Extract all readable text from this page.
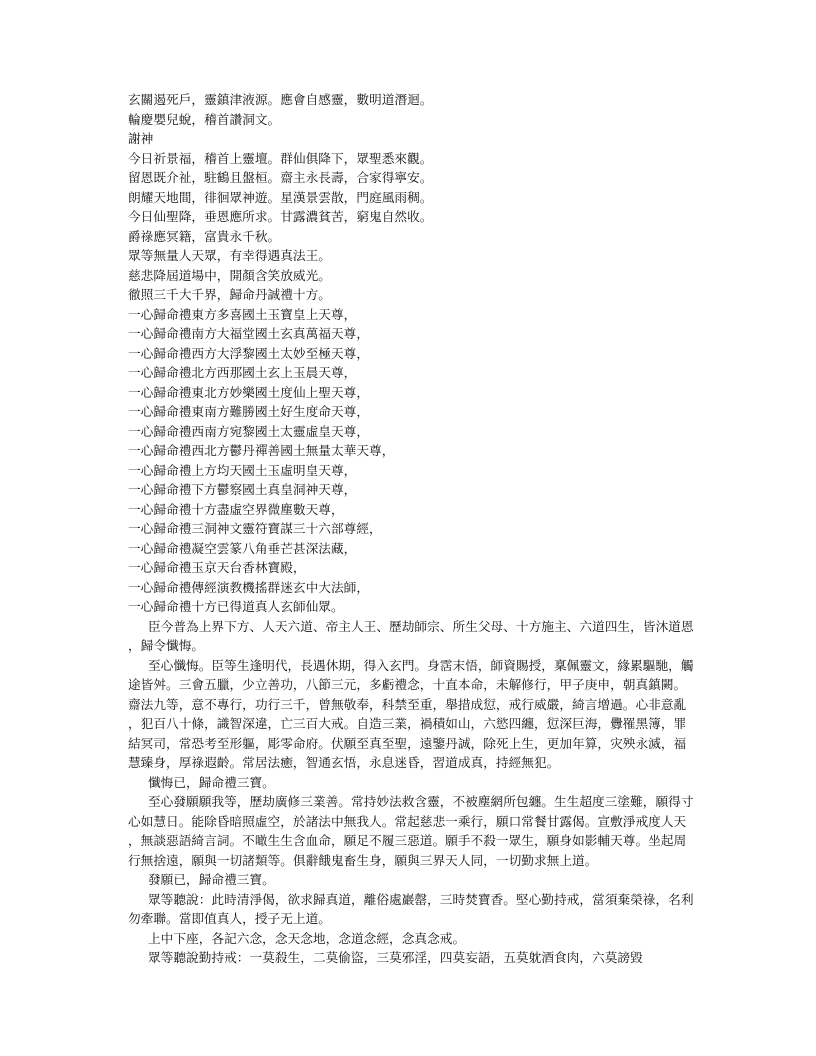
玄關遏死戶，靈鎮津液源。應會自感靈，數明道潛迴。
輪慶嬰兒蛻，稽首讚洞文。
謝神
今日祈景福，稽首上靈壇。群仙俱降下，眾聖悉來觀。
留恩既介祉，駐鶴且盤桓。齋主永長壽，合家得寧安。
朗耀天地間，徘徊眾神遊。星漢景雲散，門庭風雨稠。
今日仙聖降，垂恩應所求。甘露濃貧苦，窮鬼自然收。
爵祿應冥籍，富貴永千秋。
眾等無量人天眾，有幸得遇真法王。
慈悲降屆道場中，開顏含笑放威光。
徹照三千大千界，歸命丹誠禮十方。
一心歸命禮東方多喜國土玉寶皇上天尊，
一心歸命禮南方大福堂國土玄真萬福天尊，
一心歸命禮西方大浮黎國土太妙至極天尊，
一心歸命禮北方西那國土玄上玉晨天尊，
一心歸命禮東北方妙樂國土度仙上聖天尊，
一心歸命禮東南方難勝國土好生度命天尊，
一心歸命禮西南方宛黎國土太靈虛皇天尊，
一心歸命禮西北方鬱丹禪善國土無量太華天尊，
一心歸命禮上方均天國土玉虛明皇天尊，
一心歸命禮下方鬱察國土真皇洞神天尊，
一心歸命禮十方盡虛空界微塵數天尊，
一心歸命禮三洞神文靈符寶謀三十六部尊經，
一心歸命禮凝空雲篆八角垂芒甚深法藏，
一心歸命禮玉京天台香林寶殿，
一心歸命禮傳經演教機搖群迷玄中大法師，
一心歸命禮十方已得道真人玄師仙眾。

臣今普為上界下方、人天六道、帝主人王、歷劫師宗、所生父母、十方施主、六道四生，皆沐道恩，歸令懺悔。

至心懺悔。臣等生逢明代，長遇休期，得入玄門。身霑末悟，師資賜授，稟佩靈文，緣累驅馳，觸途皆舛。三會五臘，少立善功，八節三元，多虧禮念，十直本命，未解修行，甲子庚申，朝真鎮闕。齋法九等，意不專行，功行三千，曾無敬奉，科禁至重，舉措成愆，戒行威嚴，綺言增過。心非意亂，犯百八十條，識智深違，亡三百大戒。自造三業，禍積如山，六慾四纏，愆深巨海，釁罹黑簿，罪結冥司，常恐考至形軀，彫零命府。伏願至真至聖，遠鑒丹誠，除死上生，更加年算，灾殃永滅，福慧臻身，厚祿遐齡。常居法癒，智通玄悟，永息迷昏，習道成真，持經無犯。

懺悔已，歸命禮三寶。

至心發願願我等，歷劫廣修三業善。常持妙法救含靈，不被塵網所包纏。生生超度三塗難，願得寸心如慧日。能除昏暗照虛空，於諸法中無我人。常起慈悲一乘行，願口常餐甘露偈。宣敷淨戒度人天，無談惡語綺言詞。不噉生生含血命，願足不履三惡道。願手不殺一眾生，願身如影輔天尊。坐起周行無捨遠，願與一切諸類等。俱辭餓鬼畜生身，願與三界天人同，一切勤求無上道。

發願已，歸命禮三寶。

眾等聽說：此時清淨偈，欲求歸真道，離俗處巖罄，三時焚寶香。堅心勤持戒，當須棄榮祿，名利勿牽聯。當即值真人，授子无上道。

上中下座，各記六念，念天念地，念道念經，念真念戒。

眾等聽說勤持戒：一莫殺生，二莫偷盜，三莫邪淫，四莫妄語，五莫躭酒食肉，六莫謗毀
